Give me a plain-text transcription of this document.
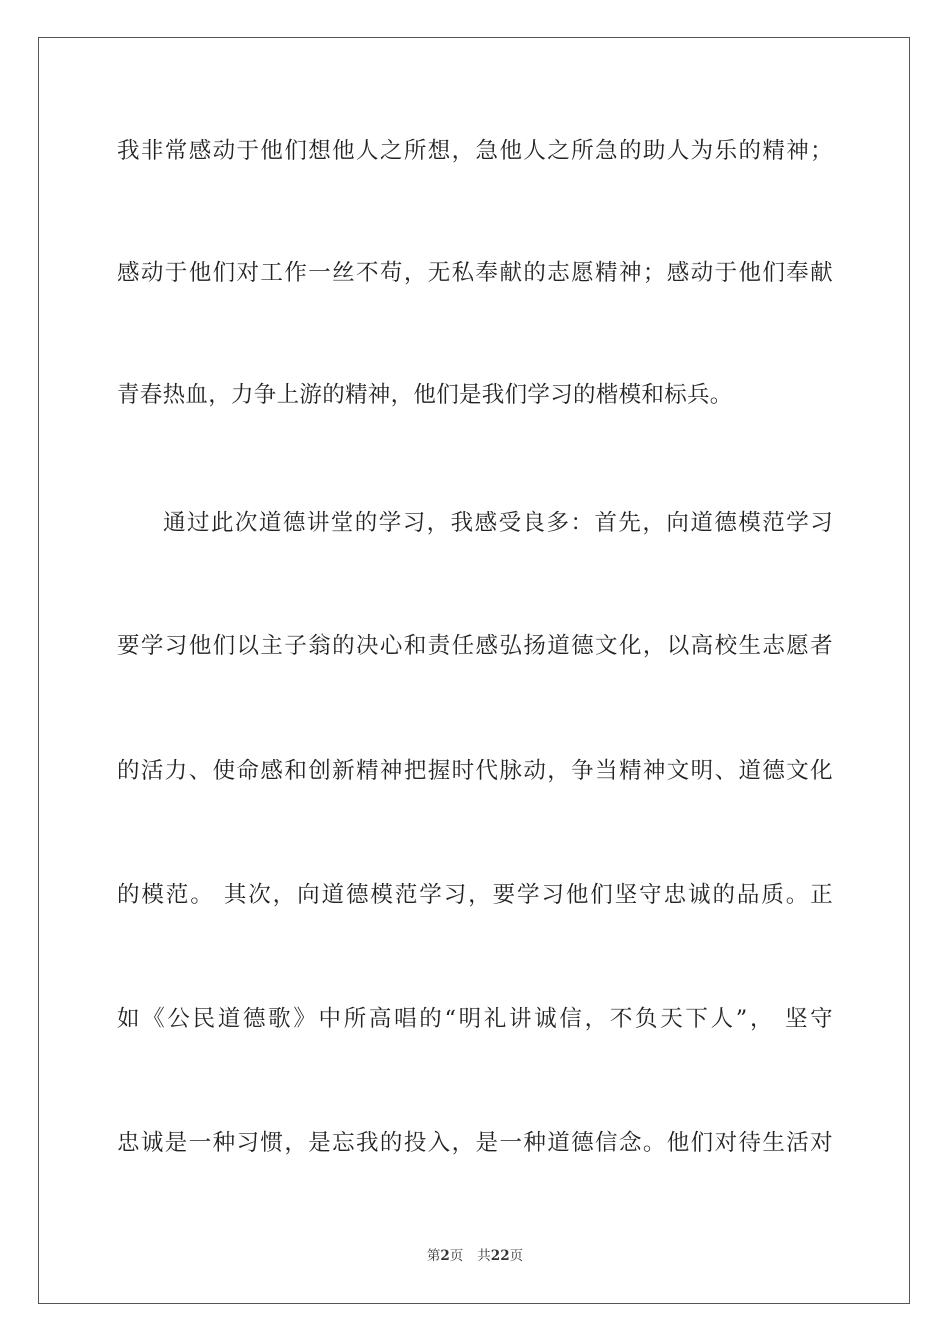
我非常感动于他们想他人之所想，急他人之所急的助人为乐的精神；
感动于他们对工作一丝不苟，无私奉献的志愿精神；感动于他们奉献
青春热血，力争上游的精神，他们是我们学习的楷模和标兵。
通过此次道德讲堂的学习，我感受良多：首先，向道德模范学习
要学习他们以主子翁的决心和责任感弘扬道德文化，以高校生志愿者
的活力、使命感和创新精神把握时代脉动，争当精神文明、道德文化
的模范。 其次，向道德模范学习，要学习他们坚守忠诚的品质。正
如《公民道德歌》中所高唱的“明礼讲诚信，不负天下人”， 坚守
忠诚是一种习惯，是忘我的投入，是一种道德信念。他们对待生活对
第2页 共22页
